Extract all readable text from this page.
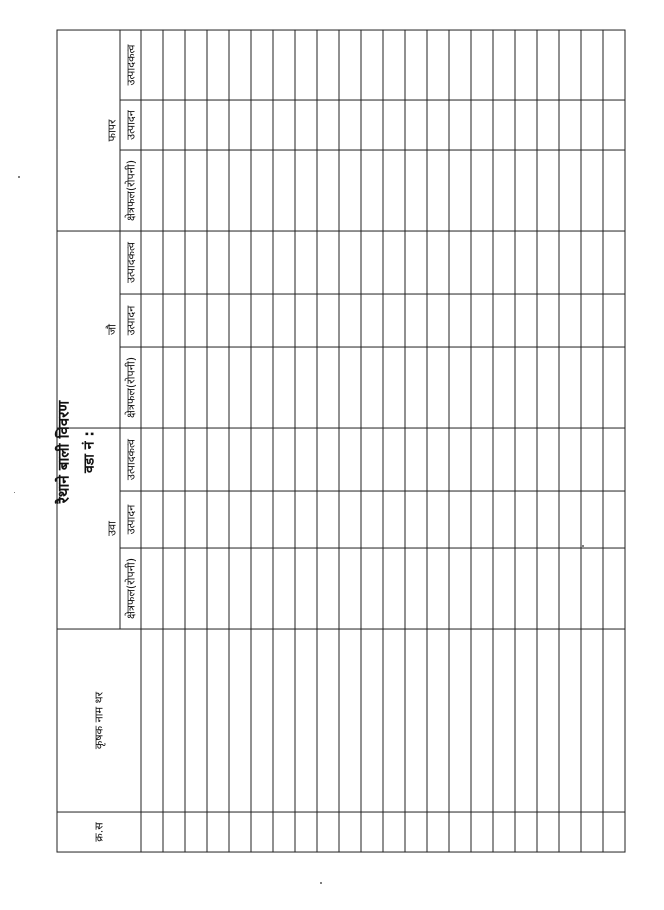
रैथाने बाली विवरण वडा नं :
क्र.स	कृषक नाम थर									
		उवा			जौ			फापर		
		क्षेत्रफल(रोपनी)	उत्पादन	उत्पादकत्व	क्षेत्रफल(रोपनी)	उत्पादन	उत्पादकत्व	क्षेत्रफल(रोपनी)	उत्पादन	उत्पादकत्व
